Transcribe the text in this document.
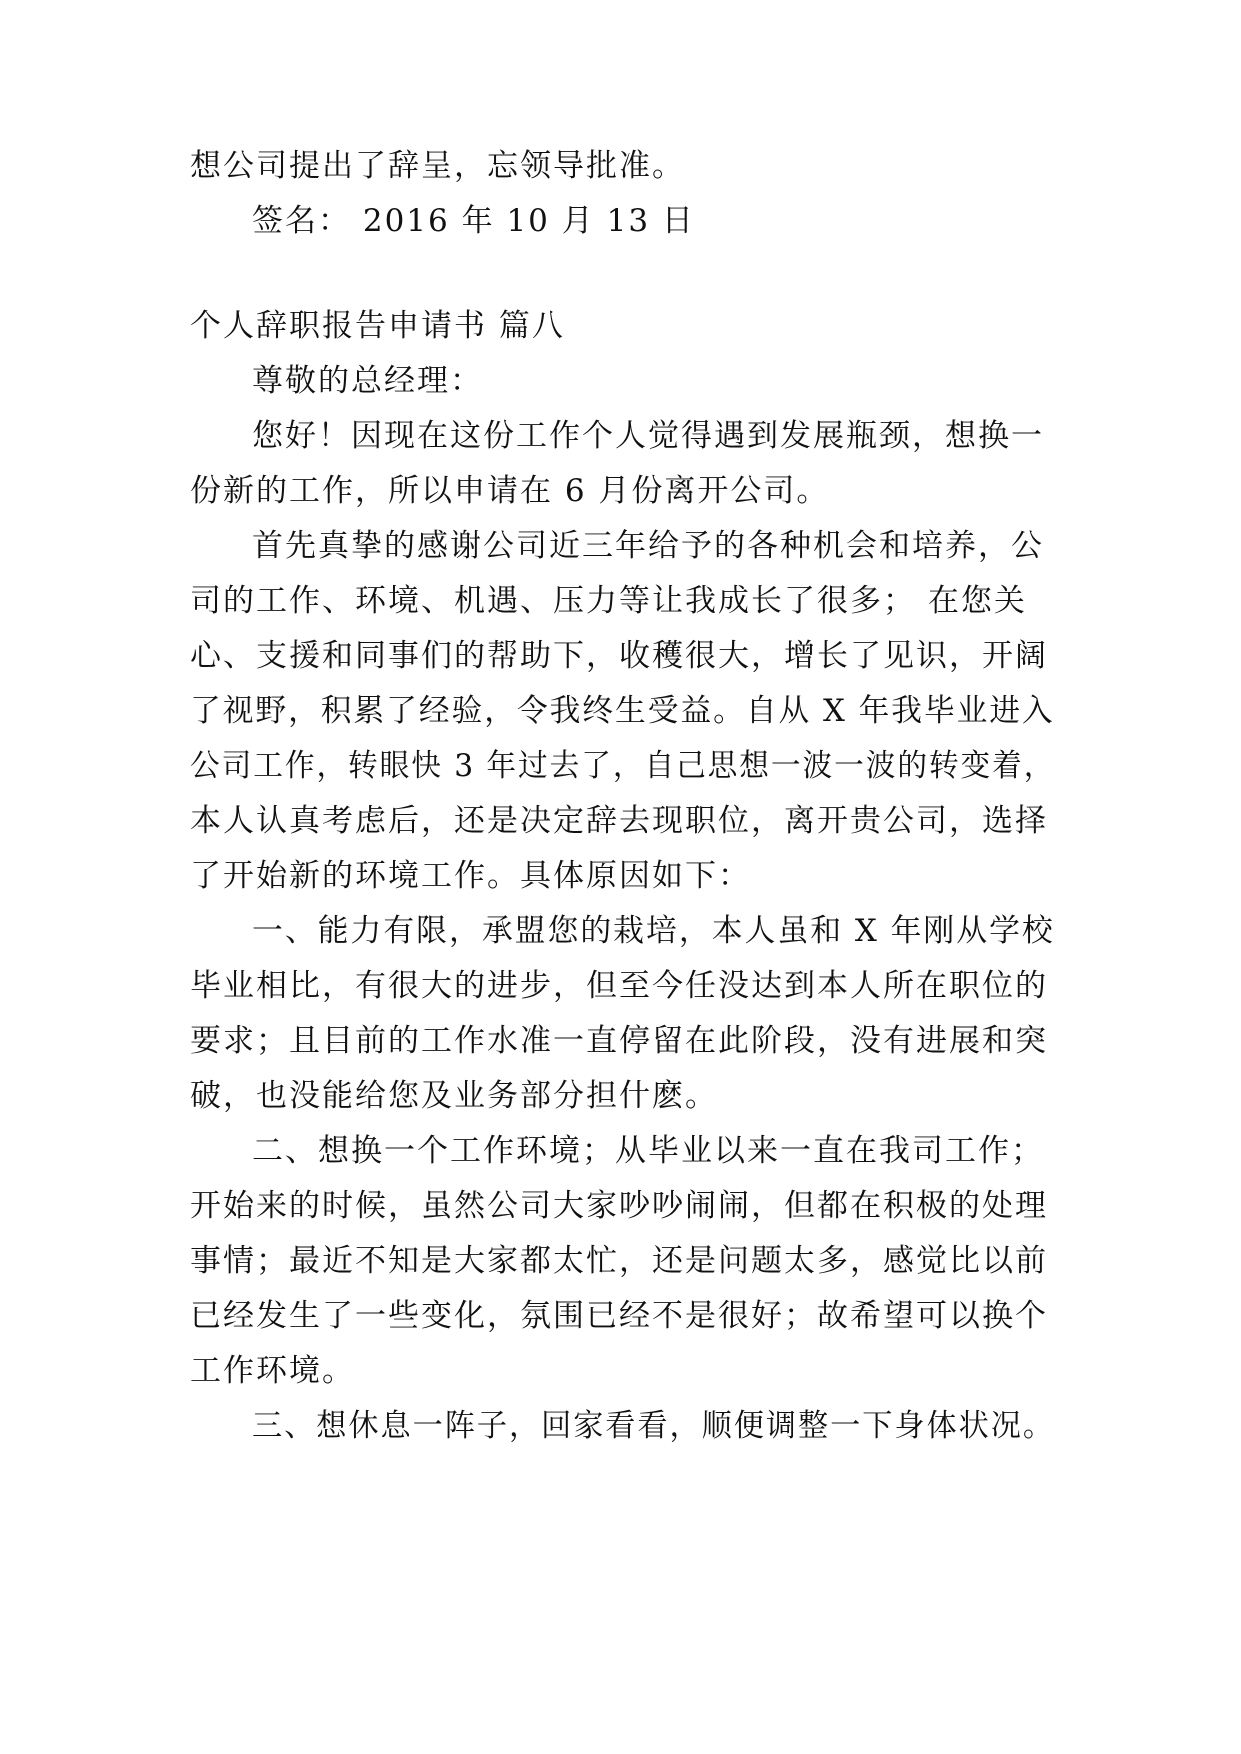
想公司提出了辞呈，忘领导批准。
签名： 2016 年 10 月 13 日
个人辞职报告申请书 篇八
尊敬的总经理：
您好！因现在这份工作个人觉得遇到发展瓶颈，想换一
份新的工作，所以申请在 6 月份离开公司。
首先真挚的感谢公司近三年给予的各种机会和培养，公
司的工作、环境、机遇、压力等让我成长了很多； 在您关
心、支援和同事们的帮助下，收穫很大，增长了见识，开阔
了视野，积累了经验，令我终生受益。自从 X 年我毕业进入
公司工作，转眼快 3 年过去了，自己思想一波一波的转变着，
本人认真考虑后，还是决定辞去现职位，离开贵公司，选择
了开始新的环境工作。具体原因如下：
一、能力有限，承盟您的栽培，本人虽和 X 年刚从学校
毕业相比，有很大的进步，但至今任没达到本人所在职位的
要求；且目前的工作水准一直停留在此阶段，没有进展和突
破，也没能给您及业务部分担什麽。
二、想换一个工作环境；从毕业以来一直在我司工作；
开始来的时候，虽然公司大家吵吵闹闹，但都在积极的处理
事情；最近不知是大家都太忙，还是问题太多，感觉比以前
已经发生了一些变化，氛围已经不是很好；故希望可以换个
工作环境。
三、想休息一阵子，回家看看，顺便调整一下身体状况。
